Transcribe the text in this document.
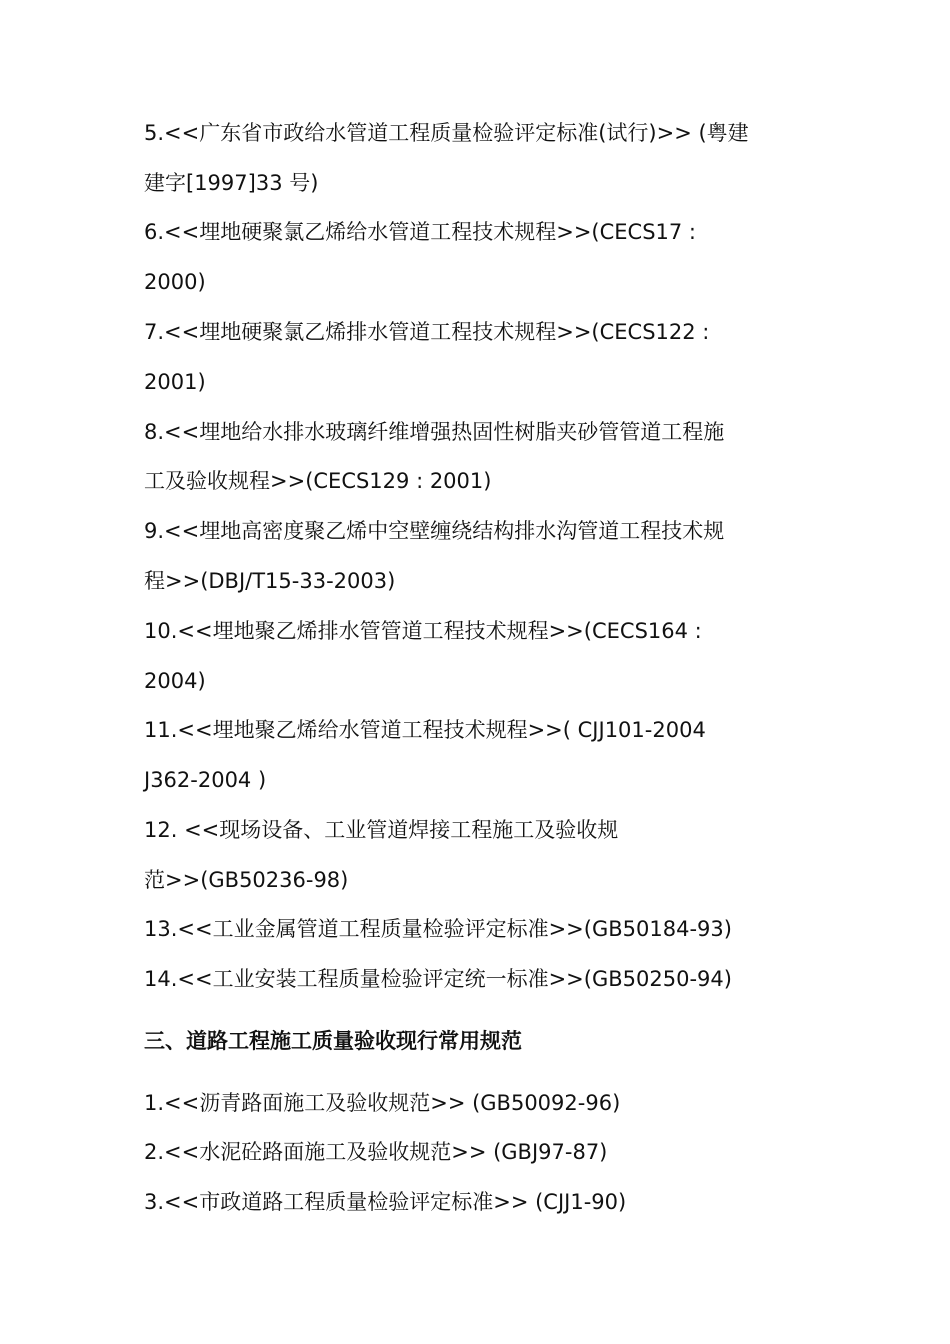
5.<<广东省市政给水管道工程质量检验评定标准(试行)>> (粤建
建字[1997]33 号)
6.<<埋地硬聚氯乙烯给水管道工程技术规程>>(CECS17 :
2000)
7.<<埋地硬聚氯乙烯排水管道工程技术规程>>(CECS122 :
2001)
8.<<埋地给水排水玻璃纤维增强热固性树脂夹砂管管道工程施
工及验收规程>>(CECS129 : 2001)
9.<<埋地高密度聚乙烯中空壁缠绕结构排水沟管道工程技术规
程>>(DBJ/T15-33-2003)
10.<<埋地聚乙烯排水管管道工程技术规程>>(CECS164 :
2004)
11.<<埋地聚乙烯给水管道工程技术规程>>( CJJ101-2004
J362-2004 )
12. <<现场设备、工业管道焊接工程施工及验收规
范>>(GB50236-98)
13.<<工业金属管道工程质量检验评定标准>>(GB50184-93)
14.<<工业安装工程质量检验评定统一标准>>(GB50250-94)
三、道路工程施工质量验收现行常用规范
1.<<沥青路面施工及验收规范>> (GB50092-96)
2.<<水泥砼路面施工及验收规范>> (GBJ97-87)
3.<<市政道路工程质量检验评定标准>> (CJJ1-90)
